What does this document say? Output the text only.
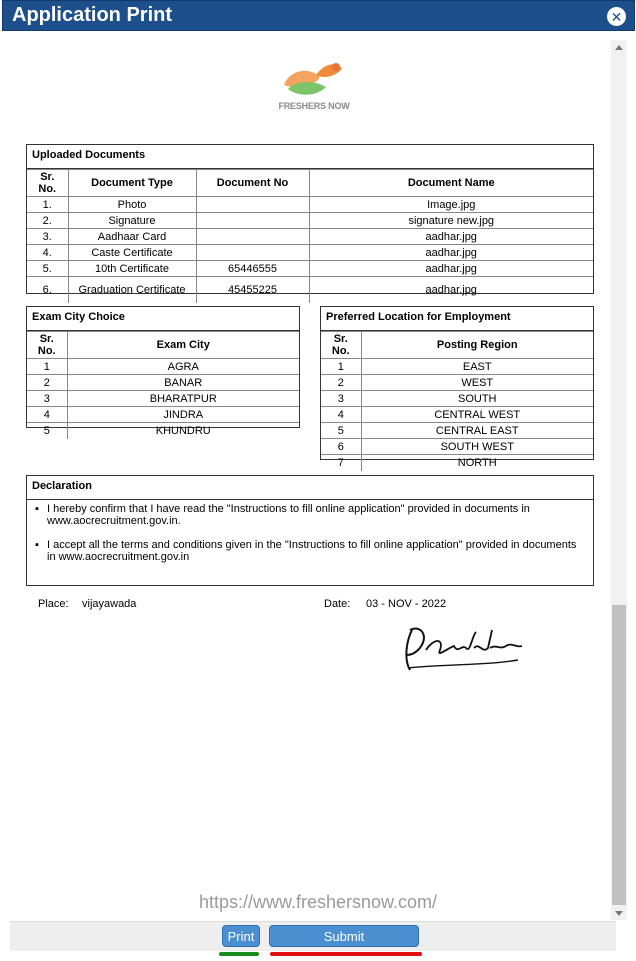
Application Print	✕
FRESHERS NOW
Uploaded Documents
Sr. No.	Document Type	Document No	Document Name
1.	Photo		Image.jpg
2.	Signature		signature new.jpg
3.	Aadhaar Card		aadhar.jpg
4.	Caste Certificate		aadhar.jpg
5.	10th Certificate	65446555	aadhar.jpg
6.	Graduation Certificate	45455225	aadhar.jpg
Exam City Choice
Sr. No.	Exam City
1	AGRA
2	BANAR
3	BHARATPUR
4	JINDRA
5	KHUNDRU
Preferred Location for Employment
Sr. No.	Posting Region
1	EAST
2	WEST
3	SOUTH
4	CENTRAL WEST
5	CENTRAL EAST
6	SOUTH WEST
7	NORTH
Declaration
▪ I hereby confirm that I have read the "Instructions to fill online application" provided in documents in www.aocrecruitment.gov.in.
▪ I accept all the terms and conditions given in the "Instructions to fill online application" provided in documents in www.aocrecruitment.gov.in
Place: vijayawada	Date: 03 - NOV - 2022
https://www.freshersnow.com/
Print	Submit
